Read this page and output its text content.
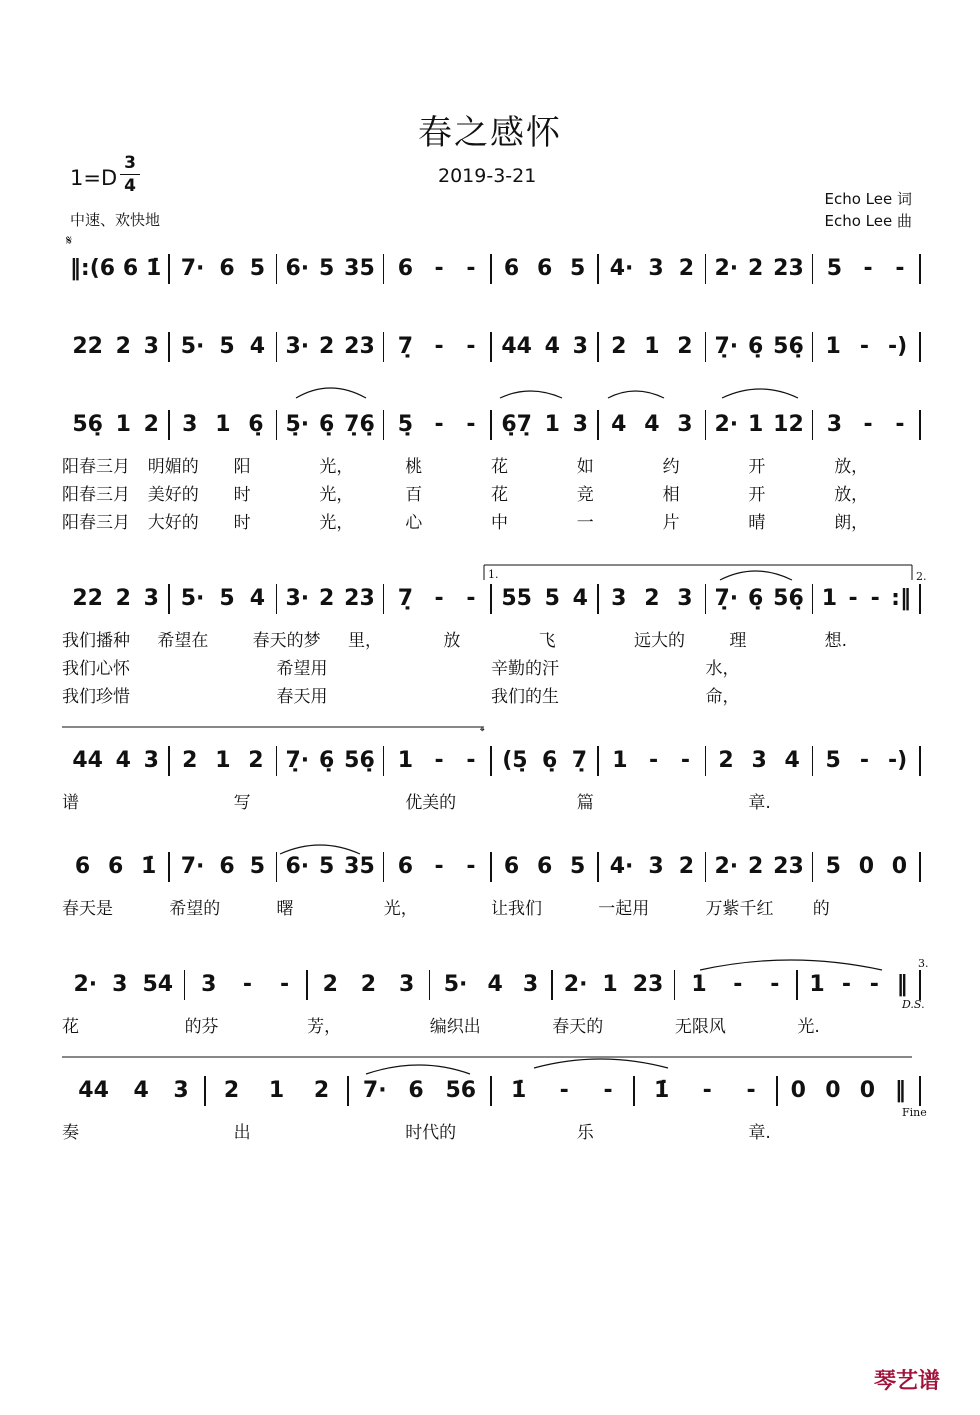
春之感怀
2019-3-21
1=D
3
4
Echo Lee 词
Echo Lee 曲
中速、欢快地
𝄋
‖:(6 6 1̇ 7· 6 5 6· 5 35 6 - - 6 6 5 4· 3 2 2· 2 23 5 - -
22 2 3 5· 5 4 3· 2 23 7̣ - - 44 4 3 2 1 2 7̣· 6̣ 56̣ 1 - -)
56̣ 1 2 3 1 6̣ 5̣· 6̣ 7̣6̣ 5̣ - - 6̣7̣ 1 3 4 4 3 2· 1 12 3 - -
22 2 3 5· 5 4 3· 2 23 7̣ - - 55 5 4 3 2 3 7̣· 6̣ 56̣ 1 - - :‖
44 4 3 2 1 2 7̣· 6̣ 56̣ 1 - - (5̣ 6̣ 7̣ 1 - - 2 3 4 5 - -)
6 6 1̇ 7· 6 5 6· 5 35 6 - - 6 6 5 4· 3 2 2· 2 23 5 0 0
2· 3 54 3 - - 2 2 3 5· 4 3 2· 1 23 1 - - 1 - - ‖
44 4 3 2 1 2 7· 6 56 1̇ - - 1̇ - - 0 0 0 ‖
阳春三月 明媚的 阳	光，	桃	花	如	约	开	放，
阳春三月 美好的 时	光，	百	花	竞	相	开	放，
阳春三月 大好的 时	光，	心	中	一	片	晴	朗，
我们播种 希望在	春天的梦 里，	放	飞	远大的	理	想.
我们心怀	希望用	辛勤的汗	水，
我们珍惜	春天用	我们的生	命，
谱	写	优美的	篇	章.
春天是	希望的	曙	光，	让我们	一起用	万紫千红 的
花	的芬	芳，	编织出	春天的	无限风	光.
奏	出	时代的	乐	章.
1.	2.
3.
𝄌
D.S.
Fine
琴艺谱
